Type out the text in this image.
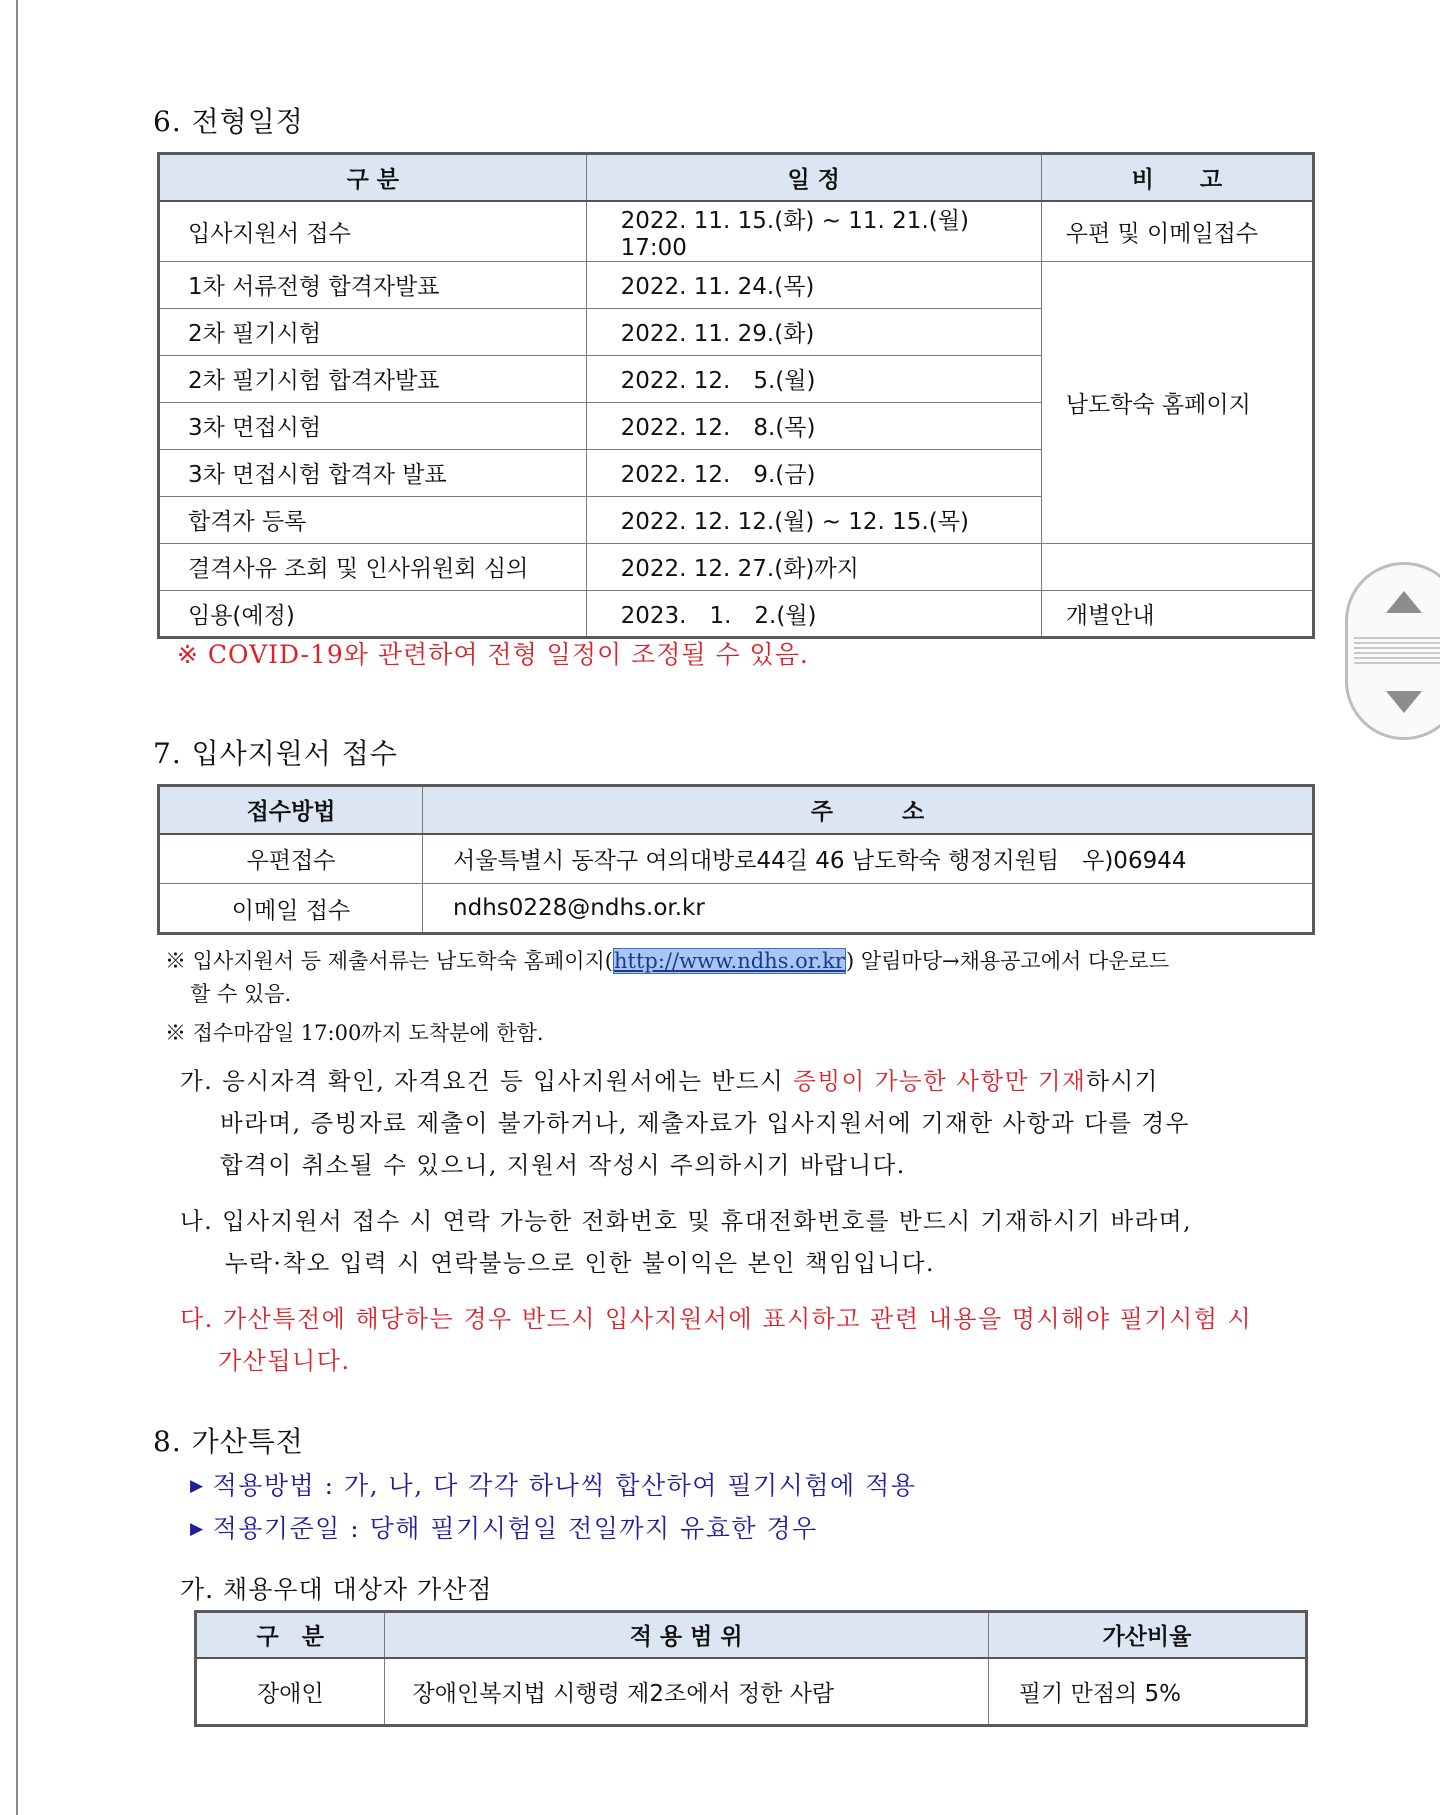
6. 전형일정
구 분	일 정	비　　고
입사지원서 접수	2022. 11. 15.(화) ~ 11. 21.(월) 17:00	우편 및 이메일접수
1차 서류전형 합격자발표	2022. 11. 24.(목)	남도학숙 홈페이지
2차 필기시험	2022. 11. 29.(화)	
2차 필기시험 합격자발표	2022. 12.　5.(월)	
3차 면접시험	2022. 12.　8.(목)	
3차 면접시험 합격자 발표	2022. 12.　9.(금)	
합격자 등록	2022. 12. 12.(월) ~ 12. 15.(목)	
결격사유 조회 및 인사위원회 심의	2022. 12. 27.(화)까지	
임용(예정)	2023.　1.　2.(월)	개별안내
※ COVID-19와 관련하여 전형 일정이 조정될 수 있음.
7. 입사지원서 접수
접수방법	주　　　소
우편접수	서울특별시 동작구 여의대방로44길 46 남도학숙 행정지원팀　우)06944
이메일 접수	ndhs0228@ndhs.or.kr
※ 입사지원서 등 제출서류는 남도학숙 홈페이지(http://www.ndhs.or.kr) 알림마당→채용공고에서 다운로드
할 수 있음.
※ 접수마감일 17:00까지 도착분에 한함.
가. 응시자격 확인, 자격요건 등 입사지원서에는 반드시 증빙이 가능한 사항만 기재하시기
바라며, 증빙자료 제출이 불가하거나, 제출자료가 입사지원서에 기재한 사항과 다를 경우
합격이 취소될 수 있으니, 지원서 작성시 주의하시기 바랍니다.
나. 입사지원서 접수 시 연락 가능한 전화번호 및 휴대전화번호를 반드시 기재하시기 바라며,
누락·착오 입력 시 연락불능으로 인한 불이익은 본인 책임입니다.
다. 가산특전에 해당하는 경우 반드시 입사지원서에 표시하고 관련 내용을 명시해야 필기시험 시
가산됩니다.
8. 가산특전
▶ 적용방법 : 가, 나, 다 각각 하나씩 합산하여 필기시험에 적용
▶ 적용기준일 : 당해 필기시험일 전일까지 유효한 경우
가. 채용우대 대상자 가산점
구　분	적 용 범 위	가산비율
장애인	장애인복지법 시행령 제2조에서 정한 사람	필기 만점의 5%
